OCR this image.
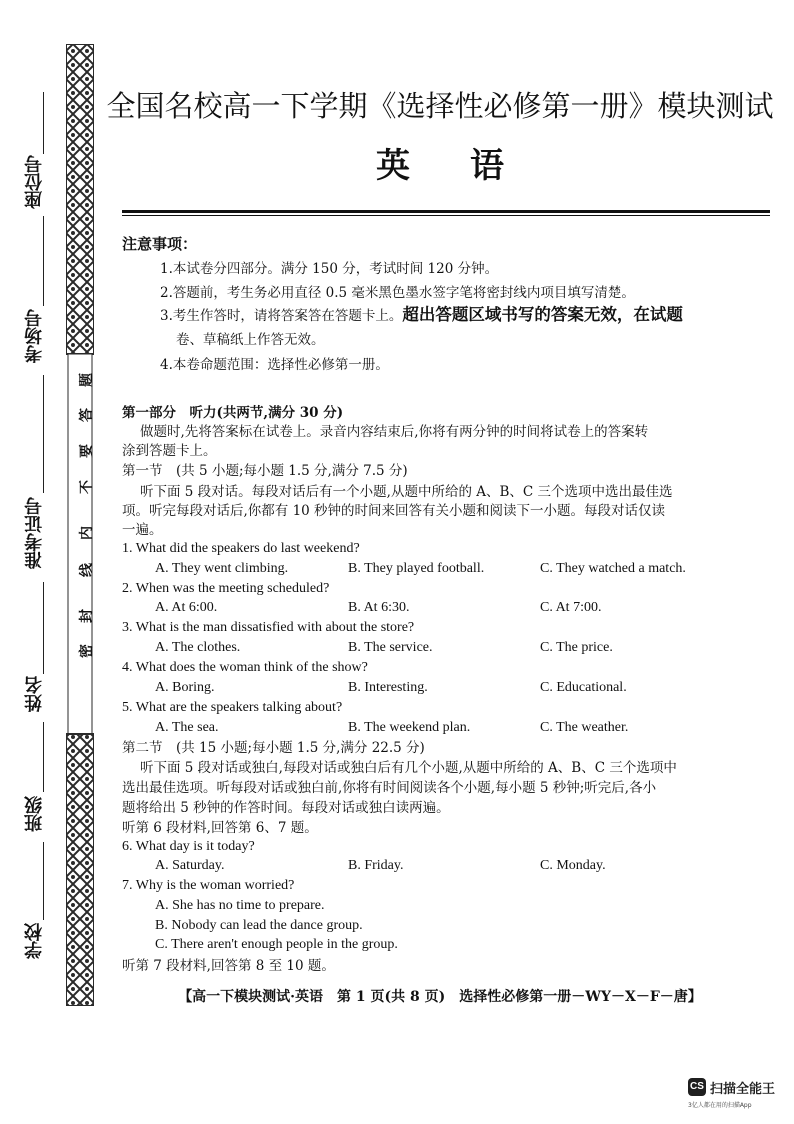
座位号
考场号
准考证号
姓名
班级
学校
题
答
要
不
内
线
封
密
全国名校高一下学期《选择性必修第一册》模块测试
英语
注意事项：
1.本试卷分四部分。满分 150 分，考试时间 120 分钟。
2.答题前，考生务必用直径 0.5 毫米黑色墨水签字笔将密封线内项目填写清楚。
3.考生作答时，请将答案答在答题卡上。超出答题区域书写的答案无效，在试题
卷、草稿纸上作答无效。
4.本卷命题范围：选择性必修第一册。
第一部分　听力(共两节,满分 30 分)
做题时,先将答案标在试卷上。录音内容结束后,你将有两分钟的时间将试卷上的答案转
涂到答题卡上。
第一节　(共 5 小题;每小题 1.5 分,满分 7.5 分)
听下面 5 段对话。每段对话后有一个小题,从题中所给的 A、B、C 三个选项中选出最佳选
项。听完每段对话后,你都有 10 秒钟的时间来回答有关小题和阅读下一小题。每段对话仅读
一遍。
1. What did the speakers do last weekend?
A. They went climbing.	B. They played football.	C. They watched a match.
2. When was the meeting scheduled?
A. At 6:00.	B. At 6:30.	C. At 7:00.
3. What is the man dissatisfied with about the store?
A. The clothes.	B. The service.	C. The price.
4. What does the woman think of the show?
A. Boring.	B. Interesting.	C. Educational.
5. What are the speakers talking about?
A. The sea.	B. The weekend plan.	C. The weather.
第二节　(共 15 小题;每小题 1.5 分,满分 22.5 分)
听下面 5 段对话或独白,每段对话或独白后有几个小题,从题中所给的 A、B、C 三个选项中
选出最佳选项。听每段对话或独白前,你将有时间阅读各个小题,每小题 5 秒钟;听完后,各小
题将给出 5 秒钟的作答时间。每段对话或独白读两遍。
听第 6 段材料,回答第 6、7 题。
6. What day is it today?
A. Saturday.	B. Friday.	C. Monday.
7. Why is the woman worried?
A. She has no time to prepare.
B. Nobody can lead the dance group.
C. There aren't enough people in the group.
听第 7 段材料,回答第 8 至 10 题。
【高一下模块测试·英语　第 1 页(共 8 页)　选择性必修第一册－WY－X－F－唐】
CS 扫描全能王
3亿人都在用的扫描App
